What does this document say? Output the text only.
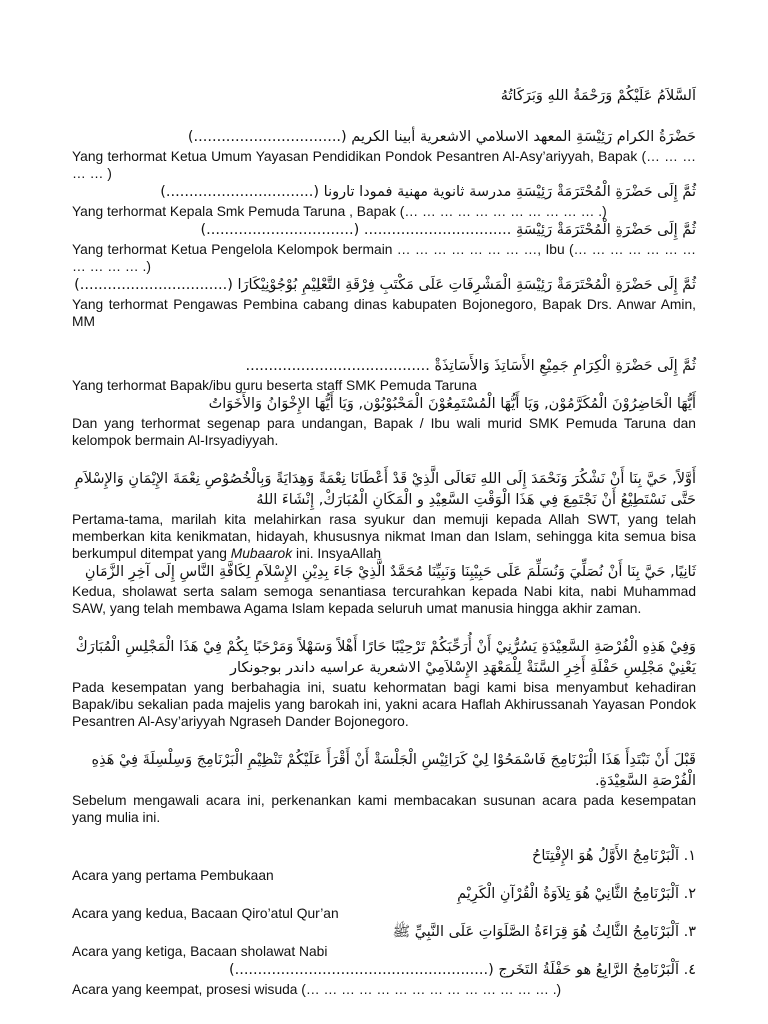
اَلسَّلاَمُ عَلَيْكُمْ وَرَحْمَةُ اللهِ وَبَرَكَاتُهُ
حَضْرَةُ الكرام رَئِيْسَةِ المعهد الاسلامي الاشعرية أبينا الكريم (................................)
Yang terhormat Ketua Umum Yayasan Pendidikan Pondok Pesantren Al-Asy’ariyyah, Bapak (… … … … … )
ثُمَّ إِلَى حَضْرَةِ الْمُحْتَرَمَةْ رَئِيْسَةِ مدرسة ثانوية مهنية فمودا تارونا (................................)
Yang terhormat Kepala Smk Pemuda Taruna , Bapak (… … … … … … … … … … … .)
ثُمَّ إِلَى حَضْرَةِ الْمُحْتَرَمَةْ رَئِيْسَةِ ................................ (................................)
Yang terhormat Ketua Pengelola Kelompok bermain … … … … … … … …, Ibu (… … … … … … … … … … … .)
ثُمَّ إِلَى حَضْرَةِ الْمُحْتَرَمَةْ رَئِيْسَةِ الْمَشْرِفَاتِ عَلَى مَكْتَبِ فِرْقَةِ التَّعْلِيْمِ بُوْجُوْنِيْكَارَا (................................)
Yang terhormat Pengawas Pembina cabang dinas kabupaten Bojonegoro, Bapak Drs. Anwar Amin, MM
ثُمَّ إِلَى حَضْرَةِ الْكِرَامِ جَمِيْعِ الأَسَاتِذَ وَالأَسَاتِذَةْ ........................................
Yang terhormat Bapak/ibu guru beserta staff SMK Pemuda Taruna
أَيُّهَا الْحَاضِرُوْنَ الْمُكَرَّمُوْن, وَيَا أَيُّهَا الْمُسْتَمِعُوْنَ الْمَحْبُوْبُوْن, وَيَا أَيُّهَا الإِخْوَانُ وَالأَخَوَاتُ
Dan yang terhormat segenap para undangan, Bapak / Ibu wali murid SMK Pemuda Taruna dan kelompok bermain Al-Irsyadiyyah.
أَوَّلاً, حَيَّ بِنَا أَنْ نَشْكُرَ وَنَحْمَدَ إِلَى اللهِ تَعَالَى الَّذِيْ قَدْ أَعْطَانَا نِعْمَةً وَهِدَايَةً وَبِالْخُصُوْصِ نِعْمَةَ الإِيْمَانِ وَالإِسْلاَمِ حَتَّى نَسْتَطِيْعُ أَنْ نَجْتَمِعَ فِي هَذَا الْوَقْتِ السَّعِيْدِ و الْمَكَانِ الْمُبَارَكْ, إِنْشَاءَ اللهُ
Pertama-tama, marilah kita melahirkan rasa syukur dan memuji kepada Allah SWT, yang telah memberkan kita kenikmatan, hidayah, khususnya nikmat Iman dan Islam, sehingga kita semua bisa berkumpul ditempat yang Mubaarok ini. InsyaAllah
ثَانِيًا, حَيَّ بِنَا أَنْ نُصَلِّيَ وَنُسَلِّمَ عَلَى حَبِيْبِنَا وَنَبِيِّنَا مُحَمَّدٌ الَّذِيْ جَاءَ بِدِيْنِ الإِسْلاَمِ لِكَافَّةِ النَّاسِ إِلَى آخِرِ الزَّمَانِ
Kedua, sholawat serta salam semoga senantiasa tercurahkan kepada Nabi kita, nabi Muhammad SAW, yang telah membawa Agama Islam kepada seluruh umat manusia hingga akhir zaman.
وَفِيْ هَذِهِ الْفُرْصَةِ السَّعِيْدَةِ يَسُرُّنِيْ أَنْ أُرَحِّبَكُمْ تَرْحِيْبًا حَارًا أَهْلاً وَسَهْلاً وَمَرْحَبًا بِكُمْ فِيْ هَذَا الْمَجْلِسِ الْمُبَارَكْ يَعْنِيْ مَجْلِسِ حَفْلَةِ أَخِرِ السَّنَةْ لِلْمَعْهَدِ الإِسْلاَمِيْ الاشعرية عراسيه داندر بوجونكار
Pada kesempatan yang berbahagia ini, suatu kehormatan bagi kami bisa menyambut kehadiran Bapak/ibu sekalian pada majelis yang barokah ini, yakni acara Haflah Akhirussanah Yayasan Pondok Pesantren Al-Asy’ariyyah Ngraseh Dander Bojonegoro.
قَبْلَ أَنْ نَبْتَدِأَ هَذَا الْبَرْنَامِجَ فَاسْمَحُوْا لِيْ كَرَائِيْسِ الْجَلْسَةْ أَنْ أَقْرَأَ عَلَيْكُمْ تَنْظِيْمِ الْبَرْنَامِجَ وَسِلْسِلَةَ فِيْ هَذِهِ الْفُرْصَةِ السَّعِيْدَةِ.
Sebelum mengawali acara ini, perkenankan kami membacakan susunan acara pada kesempatan yang mulia ini.
١. اَلْبَرْنَامِجُ الأَوَّلُ هُوَ الإِفْتِتَاحُ
Acara yang pertama Pembukaan
٢. اَلْبَرْنَامِجُ الثَّانِيْ هُوَ تِلاَوَةُ الْقُرْآنِ الْكَرِيْمِ
Acara yang kedua, Bacaan Qiro’atul Qur’an
٣. اَلْبَرْنَامِجُ الثَّالِثُ هُوَ قِرَاءَةُ الصَّلَوَاتِ عَلَى النَّبِيِّ ﷺ
Acara yang ketiga, Bacaan sholawat Nabi
٤. اَلْبَرْنَامِجُ الرَّابِعُ هو حَفْلَةُ التَخَرج (.......................................................)
Acara yang keempat, prosesi wisuda (… … … … … … … … … … … … … … .)
